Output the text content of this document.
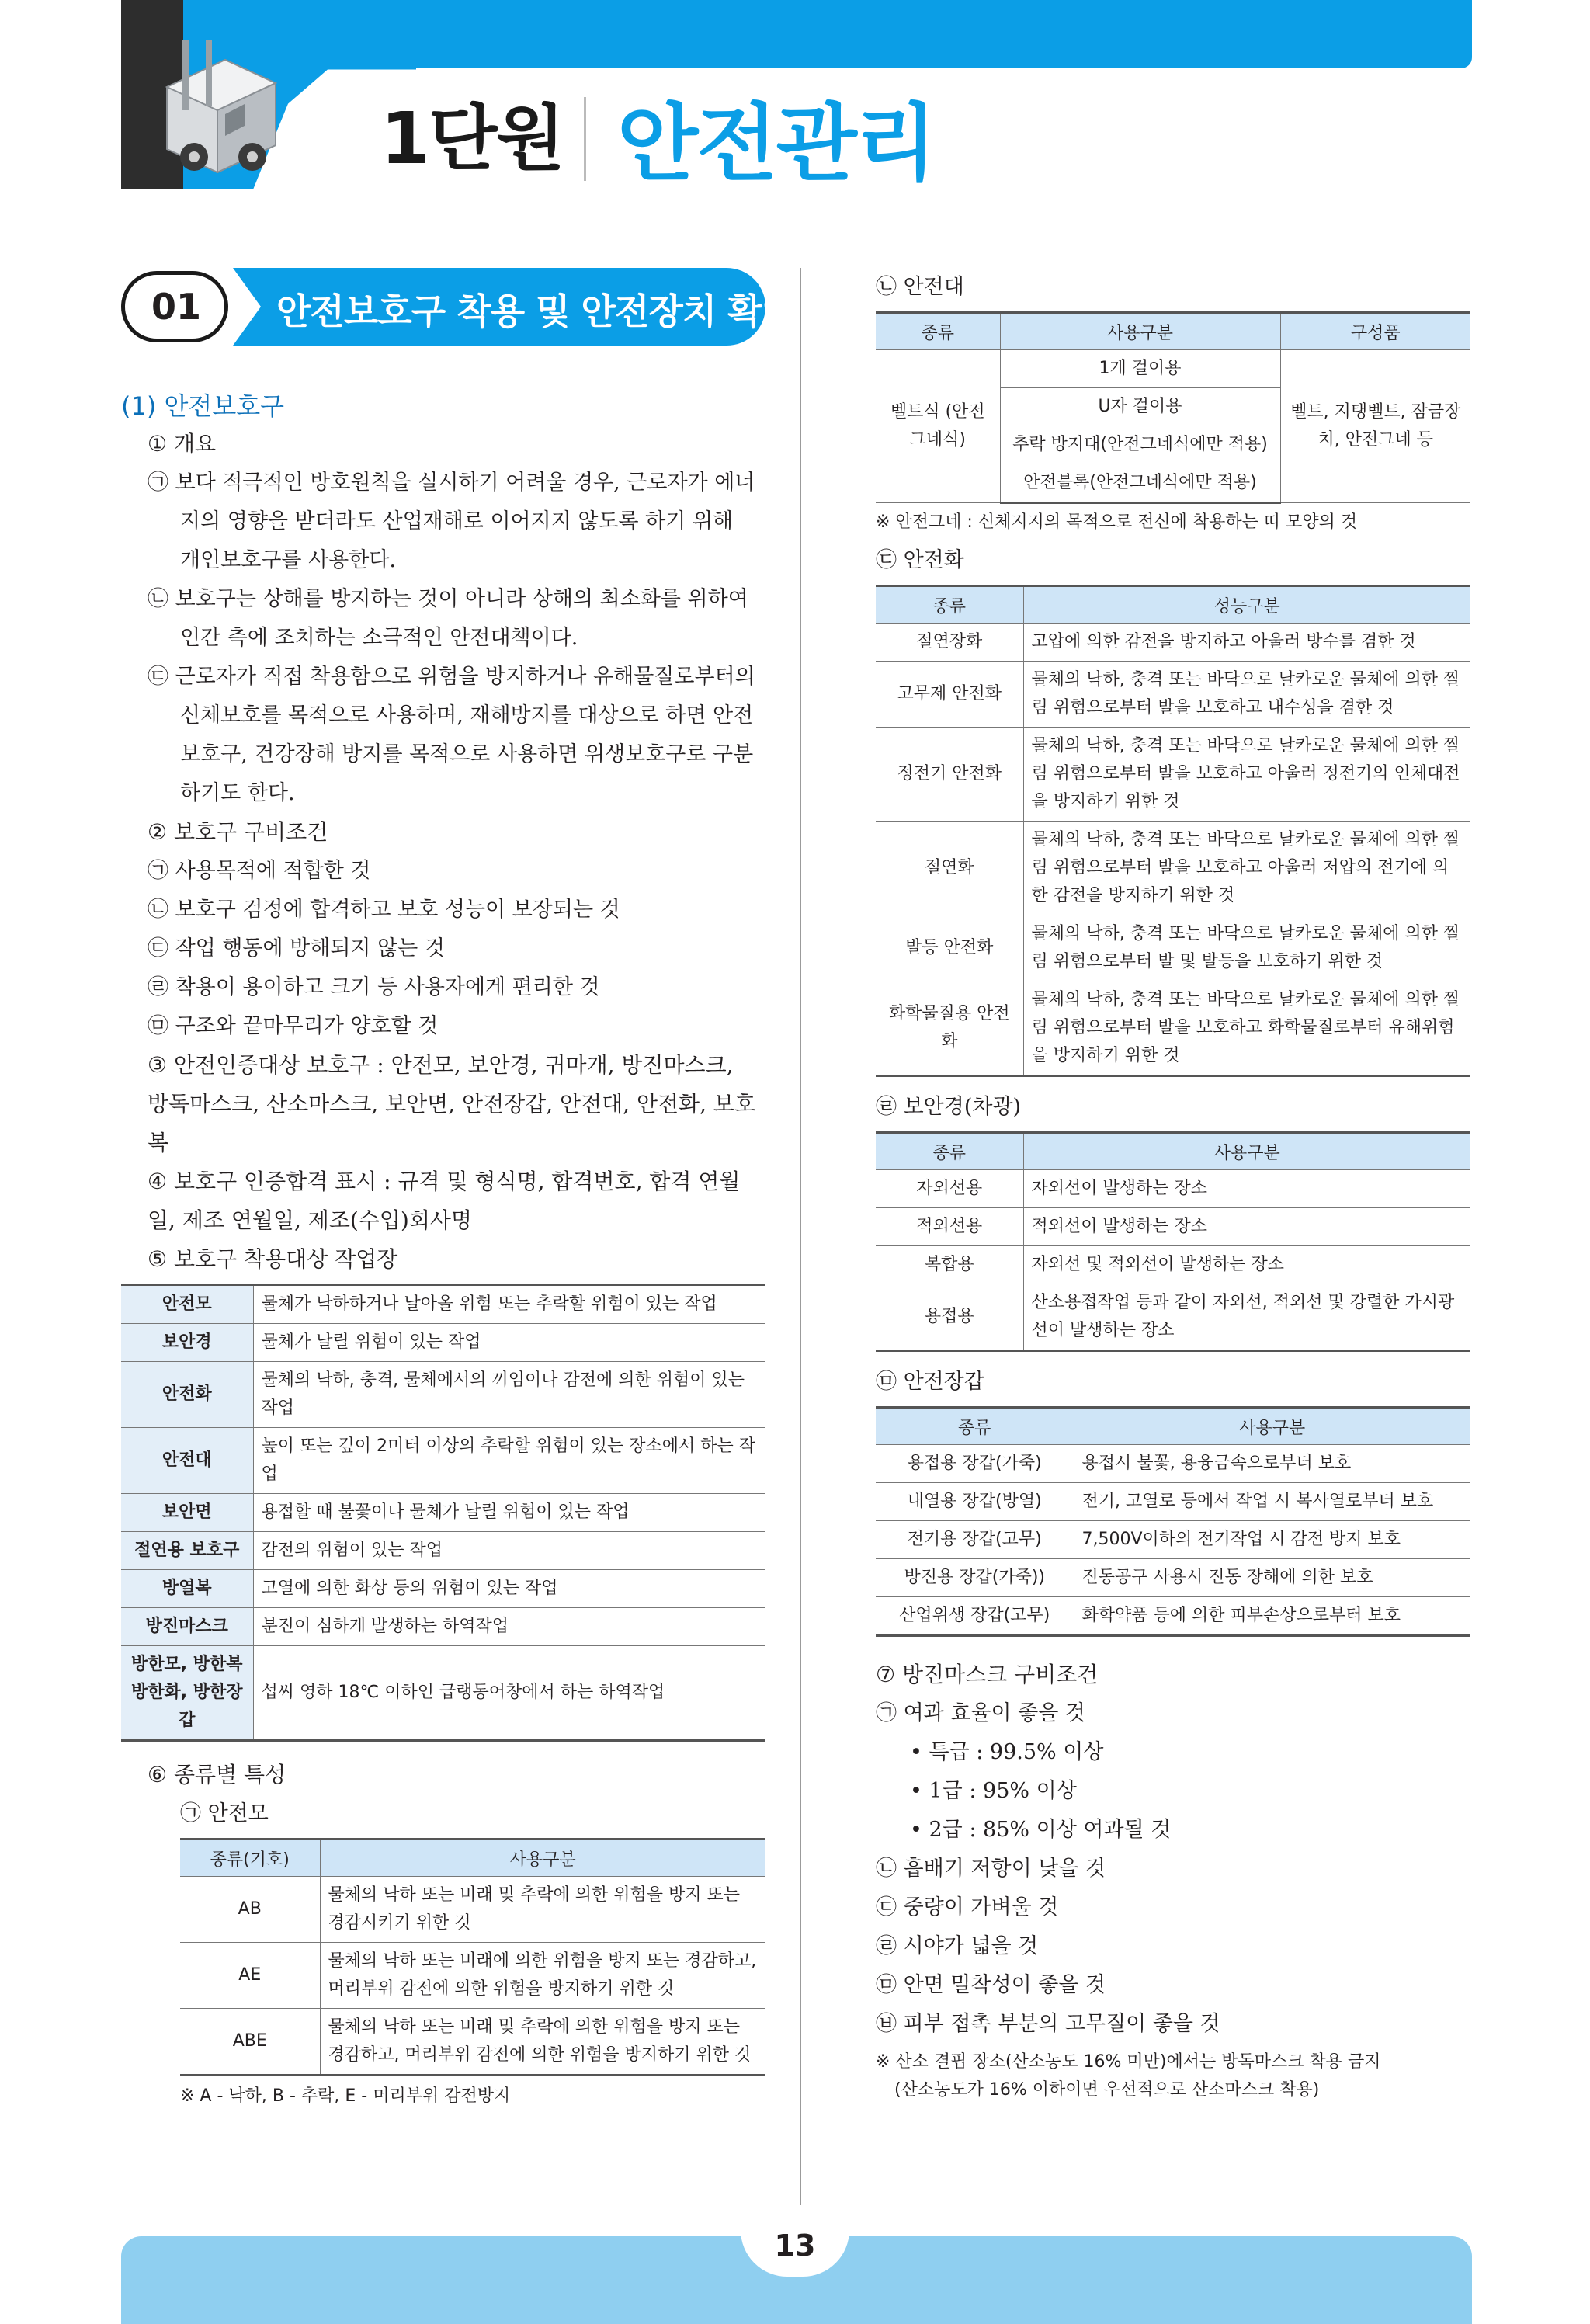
1단원 안전관리
01	안전보호구 착용 및 안전장치 확인
(1) 안전보호구
① 개요
㉠ 보다 적극적인 방호원칙을 실시하기 어려울 경우, 근로자가 에너지의 영향을 받더라도 산업재해로 이어지지 않도록 하기 위해 개인보호구를 사용한다.
㉡ 보호구는 상해를 방지하는 것이 아니라 상해의 최소화를 위하여 인간 측에 조치하는 소극적인 안전대책이다.
㉢ 근로자가 직접 착용함으로 위험을 방지하거나 유해물질로부터의 신체보호를 목적으로 사용하며, 재해방지를 대상으로 하면 안전보호구, 건강장해 방지를 목적으로 사용하면 위생보호구로 구분하기도 한다.
② 보호구 구비조건
㉠ 사용목적에 적합한 것
㉡ 보호구 검정에 합격하고 보호 성능이 보장되는 것
㉢ 작업 행동에 방해되지 않는 것
㉣ 착용이 용이하고 크기 등 사용자에게 편리한 것
㉤ 구조와 끝마무리가 양호할 것
③ 안전인증대상 보호구 : 안전모, 보안경, 귀마개, 방진마스크, 방독마스크, 산소마스크, 보안면, 안전장갑, 안전대, 안전화, 보호복
④ 보호구 인증합격 표시 : 규격 및 형식명, 합격번호, 합격 연월일, 제조 연월일, 제조(수입)회사명
⑤ 보호구 착용대상 작업장
안전모	물체가 낙하하거나 날아올 위험 또는 추락할 위험이 있는 작업
보안경	물체가 날릴 위험이 있는 작업
안전화	물체의 낙하, 충격, 물체에서의 끼임이나 감전에 의한 위험이 있는 작업
안전대	높이 또는 깊이 2미터 이상의 추락할 위험이 있는 장소에서 하는 작업
보안면	용접할 때 불꽃이나 물체가 날릴 위험이 있는 작업
절연용 보호구	감전의 위험이 있는 작업
방열복	고열에 의한 화상 등의 위험이 있는 작업
방진마스크	분진이 심하게 발생하는 하역작업
방한모, 방한복 방한화, 방한장갑	섭씨 영하 18℃ 이하인 급랭동어창에서 하는 하역작업
⑥ 종류별 특성
㉠ 안전모
종류(기호)	사용구분
AB	물체의 낙하 또는 비래 및 추락에 의한 위험을 방지 또는 경감시키기 위한 것
AE	물체의 낙하 또는 비래에 의한 위험을 방지 또는 경감하고, 머리부위 감전에 의한 위험을 방지하기 위한 것
ABE	물체의 낙하 또는 비래 및 추락에 의한 위험을 방지 또는 경감하고, 머리부위 감전에 의한 위험을 방지하기 위한 것
※ A - 낙하, B - 추락, E - 머리부위 감전방지
㉡ 안전대
종류	사용구분	구성품
벨트식 (안전그네식)	1개 걸이용	벨트, 지탱벨트, 잠금장치, 안전그네 등
	U자 걸이용	
	추락 방지대(안전그네식에만 적용)	
	안전블록(안전그네식에만 적용)	
※ 안전그네 : 신체지지의 목적으로 전신에 착용하는 띠 모양의 것
㉢ 안전화
종류	성능구분
절연장화	고압에 의한 감전을 방지하고 아울러 방수를 겸한 것
고무제 안전화	물체의 낙하, 충격 또는 바닥으로 날카로운 물체에 의한 찔림 위험으로부터 발을 보호하고 내수성을 겸한 것
정전기 안전화	물체의 낙하, 충격 또는 바닥으로 날카로운 물체에 의한 찔림 위험으로부터 발을 보호하고 아울러 정전기의 인체대전을 방지하기 위한 것
절연화	물체의 낙하, 충격 또는 바닥으로 날카로운 물체에 의한 찔림 위험으로부터 발을 보호하고 아울러 저압의 전기에 의한 감전을 방지하기 위한 것
발등 안전화	물체의 낙하, 충격 또는 바닥으로 날카로운 물체에 의한 찔림 위험으로부터 발 및 발등을 보호하기 위한 것
화학물질용 안전화	물체의 낙하, 충격 또는 바닥으로 날카로운 물체에 의한 찔림 위험으로부터 발을 보호하고 화학물질로부터 유해위험을 방지하기 위한 것
㉣ 보안경(차광)
종류	사용구분
자외선용	자외선이 발생하는 장소
적외선용	적외선이 발생하는 장소
복합용	자외선 및 적외선이 발생하는 장소
용접용	산소용접작업 등과 같이 자외선, 적외선 및 강렬한 가시광선이 발생하는 장소
㉤ 안전장갑
종류	사용구분
용접용 장갑(가죽)	용접시 불꽃, 용융금속으로부터 보호
내열용 장갑(방열)	전기, 고열로 등에서 작업 시 복사열로부터 보호
전기용 장갑(고무)	7,500V이하의 전기작업 시 감전 방지 보호
방진용 장갑(가죽))	진동공구 사용시 진동 장해에 의한 보호
산업위생 장갑(고무)	화학약품 등에 의한 피부손상으로부터 보호
⑦ 방진마스크 구비조건
㉠ 여과 효율이 좋을 것
• 특급 : 99.5% 이상
• 1급 : 95% 이상
• 2급 : 85% 이상 여과될 것
㉡ 흡배기 저항이 낮을 것
㉢ 중량이 가벼울 것
㉣ 시야가 넓을 것
㉤ 안면 밀착성이 좋을 것
㉥ 피부 접촉 부분의 고무질이 좋을 것
※ 산소 결핍 장소(산소농도 16% 미만)에서는 방독마스크 착용 금지
(산소농도가 16% 이하이면 우선적으로 산소마스크 착용)
13
